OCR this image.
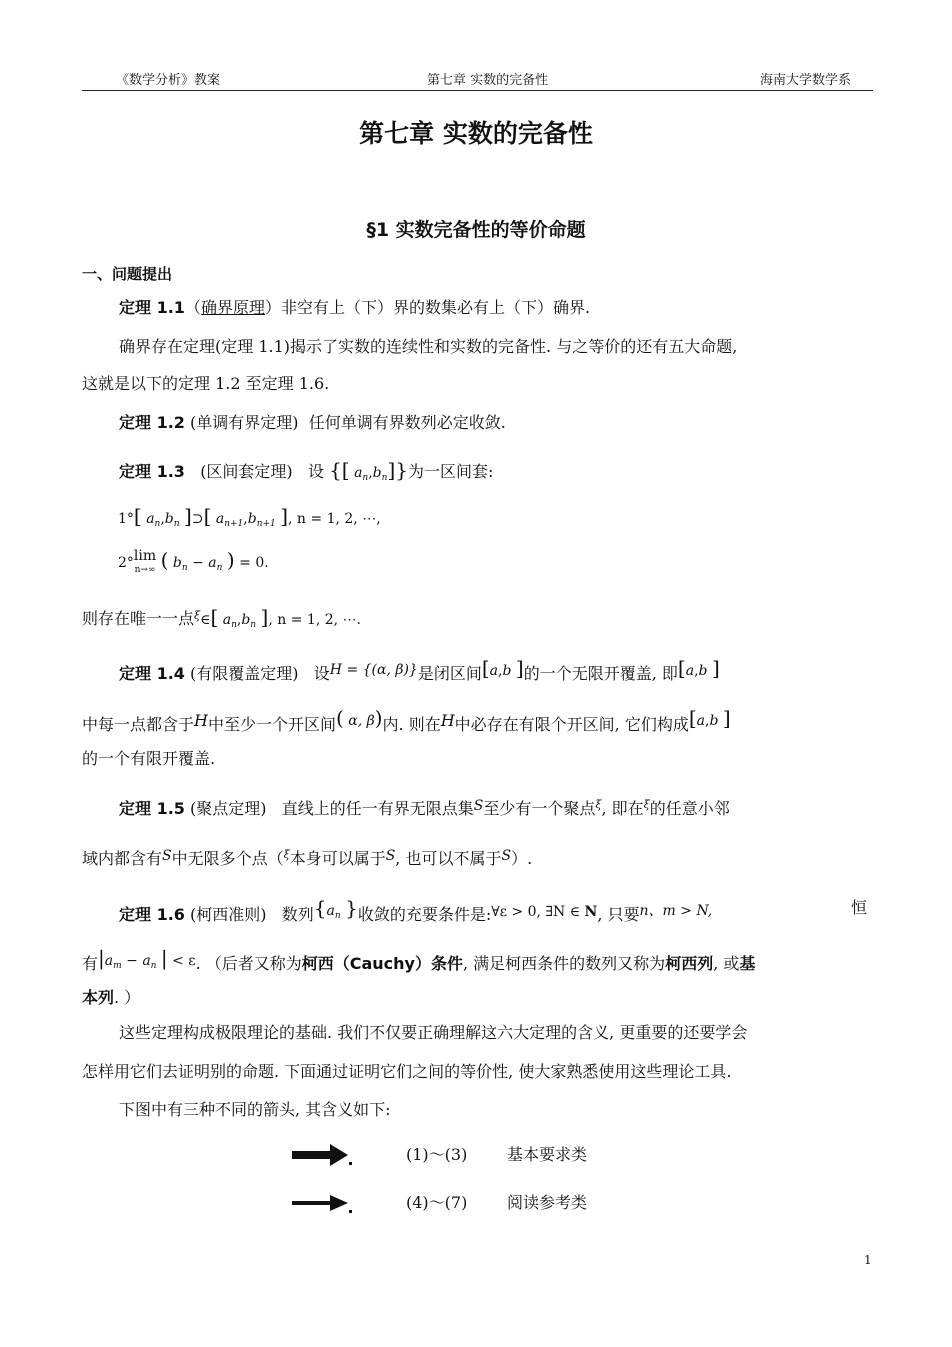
《数学分析》教案	第七章 实数的完备性	海南大学数学系
第七章 实数的完备性
§1 实数完备性的等价命题
一、问题提出
定理 1.1（确界原理）非空有上（下）界的数集必有上（下）确界.
确界存在定理(定理 1.1)揭示了实数的连续性和实数的完备性. 与之等价的还有五大命题,
这就是以下的定理 1.2 至定理 1.6.
定理 1.2 (单调有界定理) 任何单调有界数列必定收敛.
定理 1.3 (区间套定理) 设 {[ $a_n,b_n$]}为一区间套:
1°[ $a_n,b_n$ ]⊃[ $a_{n+1},b_{n+1}$ ], n = 1, 2, ⋯,
2°lim
n→∞ ( $b_n - a_n$ ) = 0.
则存在唯一一点$^\xi$∈[ $a_n,b_n$ ], n = 1, 2, ⋯.
定理 1.4 (有限覆盖定理) 设H = {(α, β)}是闭区间[a,b ]的一个无限开覆盖, 即[a,b ]
中每一点都含于H中至少一个开区间( α, β)内. 则在H中必存在有限个开区间, 它们构成[a,b ]
的一个有限开覆盖.
定理 1.5 (聚点定理) 直线上的任一有界无限点集S至少有一个聚点$^\xi$, 即在$^\xi$的任意小邻
域内都含有S中无限多个点（$^\xi$本身可以属于S, 也可以不属于S）.
定理 1.6 (柯西准则) 数列{$a_n$ }收敛的充要条件是:∀ε > 0, ∃N ∈ N, 只要n、m > N,	恒
有$|a_m - a_n$ | < ε. （后者又称为柯西（Cauchy）条件, 满足柯西条件的数列又称为柯西列, 或基
本列. ）
这些定理构成极限理论的基础. 我们不仅要正确理解这六大定理的含义, 更重要的还要学会
怎样用它们去证明别的命题. 下面通过证明它们之间的等价性, 使大家熟悉使用这些理论工具.
下图中有三种不同的箭头, 其含义如下:
(1)～(3) 基本要求类
(4)～(7) 阅读参考类
1
